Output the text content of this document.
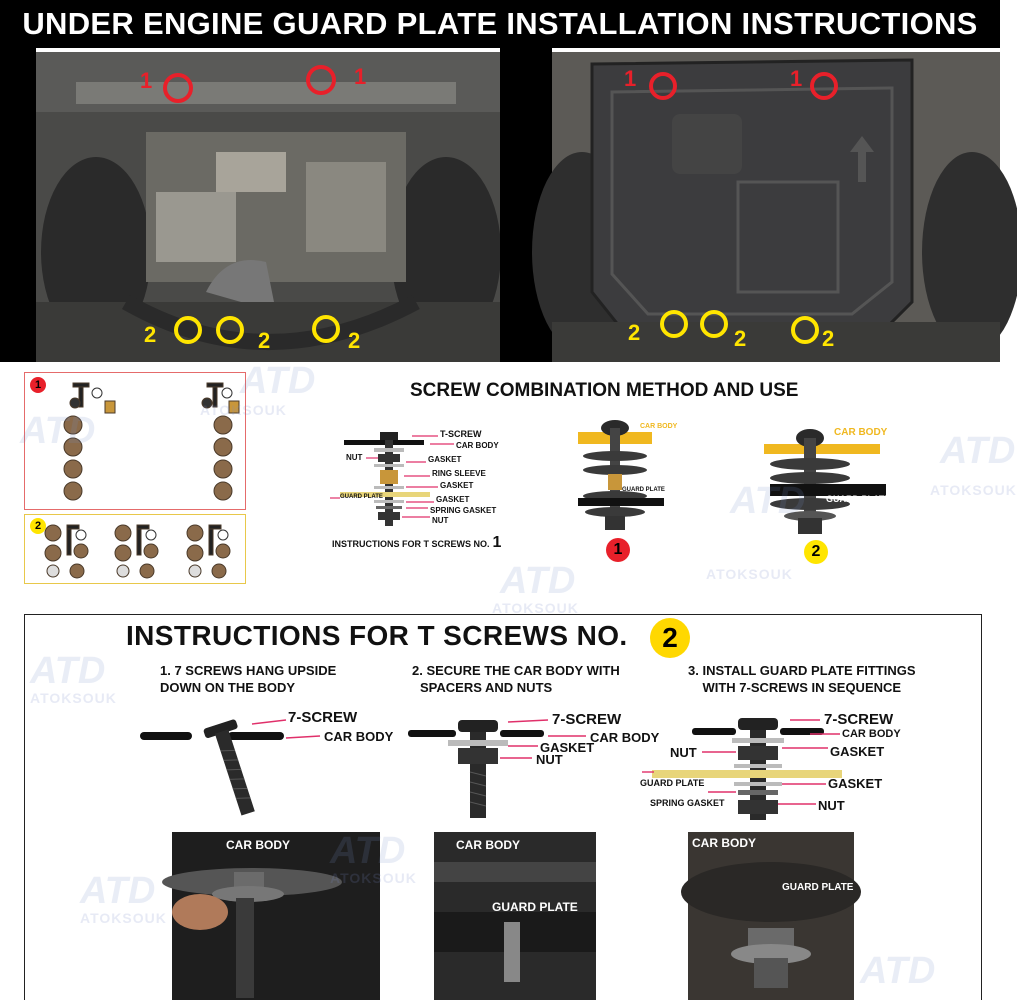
UNDER ENGINE GUARD PLATE INSTALLATION INSTRUCTIONS
1	1
2	2	2
1	1
2	2	2
1
2
SCREW COMBINATION METHOD AND USE
T-SCREW
CAR BODY
NUT	GASKET
RING SLEEVE
GASKET
GUARD PLATE	GASKET
SPRING GASKET
NUT
INSTRUCTIONS FOR T SCREWS NO. 1
CAR BODY
GUARD PLATE
1
CAR BODY
GUARD PLATE
2
INSTRUCTIONS FOR T SCREWS NO.	2
1. 7 SCREWS HANG UPSIDE
DOWN ON THE BODY
2. SECURE THE CAR BODY WITH
SPACERS AND NUTS
3. INSTALL GUARD PLATE FITTINGS
WITH 7-SCREWS IN SEQUENCE
7-SCREW
CAR BODY
7-SCREW
CAR BODY
GASKET
NUT
7-SCREW
CAR BODY
NUT	GASKET
GUARD PLATE	GASKET
SPRING GASKET	NUT
CAR BODY	CAR BODY
GUARD PLATE
CAR BODY
GUARD PLATE
ATD
ATOKSOUK
ATD
ATOKSOUK
ATD
ATOKSOUK
ATD
ATOKSOUK
ATD
ATOKSOUK
ATD
ATOKSOUK
ATD
ATD
ATOKSOUK
ATD
